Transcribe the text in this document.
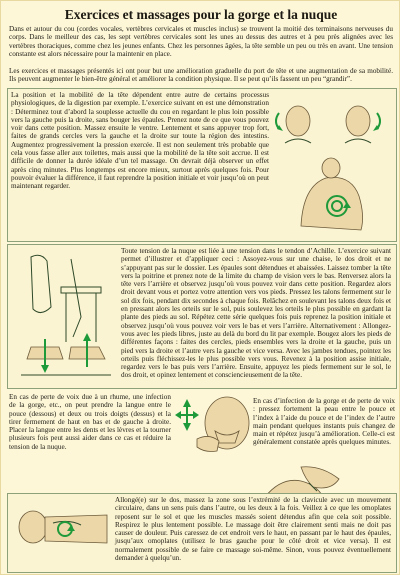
Exercices et massages pour la gorge et la nuque

Dans et autour du cou (cordes vocales, vertèbres cervicales et muscles inclus) se trouvent la moitié des terminaisons nerveuses du corps. Dans le meilleur des cas, les sept vertèbres cervicales sont les unes au dessus des autres et à peu près alignées avec les vertèbres thoraciques, comme chez les jeunes enfants. Chez les personnes âgées, la tête semble un peu ou très en avant. Une tension constante est alors nécessaire pour la maintenir en place.

Les exercices et massages présentés ici ont pour but une amélioration graduelle du port de tête et une augmentation de sa mobilité. Ils peuvent augmenter le bien-être général et améliorer la condition physique. Il se peut qu’ils fassent un peu “grandir”.

La position et la mobilité de la tête dépendent entre autre de certains processus physiologiques, de la digestion par exemple. L’exercice suivant en est une démonstration : Déterminez tout d’abord la souplesse actuelle du cou en regardant le plus loin possible vers la gauche puis la droite, sans bouger les épaules. Prenez note de ce que vous pouvez voir dans cette position. Massez ensuite le ventre. Lentement et sans appuyer trop fort, faites de grands cercles vers la gauche et la droite sur toute la région des intestins. Augmentez progressivement la pression exercée. Il est non seulement très probable que cela vous fasse aller aux toilettes, mais aussi que la mobilité de la tête soit accrue. Il est difficile de donner la durée idéale d’un tel massage. On devrait déjà observer un effet après cinq minutes. Plus longtemps est encore mieux, surtout après quelques fois. Pour pouvoir évaluer la différence, il faut reprendre la position initiale et voir jusqu’où on peut maintenant regarder.

Toute tension de la nuque est liée à une tension dans le tendon d’Achille. L’exercice suivant permet d’illustrer et d’appliquer ceci : Assoyez-vous sur une chaise, le dos droit et ne s’appuyant pas sur le dossier. Les épaules sont détendues et abaissées. Laissez tomber la tête vers la poitrine et prenez note de la limite du champ de vision vers le bas. Renversez alors la tête vers l’arrière et observez jusqu’où vous pouvez voir dans cette position. Regardez alors droit devant vous et portez votre attention vers vos pieds. Pressez les talons fermement sur le sol dix fois, pendant dix secondes à chaque fois. Relâchez en soulevant les talons deux fois et en pressant alors les orteils sur le sol, puis soulevez les orteils le plus possible en gardant la plante des pieds au sol. Répétez cette série quelques fois puis reprenez la position initiale et observez jusqu’où vous pouvez voir vers le bas et vers l’arrière. Alternativement : Allongez-vous avec les pieds libres, juste au delà du bord du lit par exemple. Bougez alors les pieds de différentes façons : faites des cercles, pieds ensembles vers la droite et la gauche, puis un pied vers la droite et l’autre vers la gauche et vice versa. Avec les jambes tendues, pointez les orteils puis fléchissez-les le plus possible vers vous. Revenez à la position assise initiale, regardez vers le bas puis vers l’arrière. Ensuite, appuyez les pieds fermement sur le sol, le dos droit, et opinez lentement et consciencieusement de la tête.

En cas de perte de voix due à un rhume, une infection de la gorge, etc., on peut prendre la langue entre le pouce (dessous) et deux ou trois doigts (dessus) et la tirer fermement de haut en bas et de gauche à droite. Placer la langue entre les dents et les lèvres et la tourner plusieurs fois peut aussi aider dans ce cas et réduire la tension de la nuque.

En cas d’infection de la gorge et de perte de voix : pressez fortement la peau entre le pouce et l’index à l’aide du pouce et de l’index de l’autre main pendant quelques instants puis changez de main et répétez jusqu’à amélioration. Celle-ci est généralement constatée après quelques minutes.

Allongé(e) sur le dos, massez la zone sous l’extrémité de la clavicule avec un mouvement circulaire, dans un sens puis dans l’autre, ou les deux à la fois. Veillez à ce que les omoplates reposent sur le sol et que les muscles massés soient détendus afin que cela soit possible. Respirez le plus lentement possible. Le massage doit être clairement senti mais ne doit pas causer de douleur. Puis caressez de cet endroit vers le haut, en passant par le haut des épaules, jusqu’aux omoplates (utilisez le bras gauche pour le côté droit et vice versa). Il est normalement possible de se faire ce massage soi-même. Sinon, vous pouvez éventuellement demander à quelqu’un.
